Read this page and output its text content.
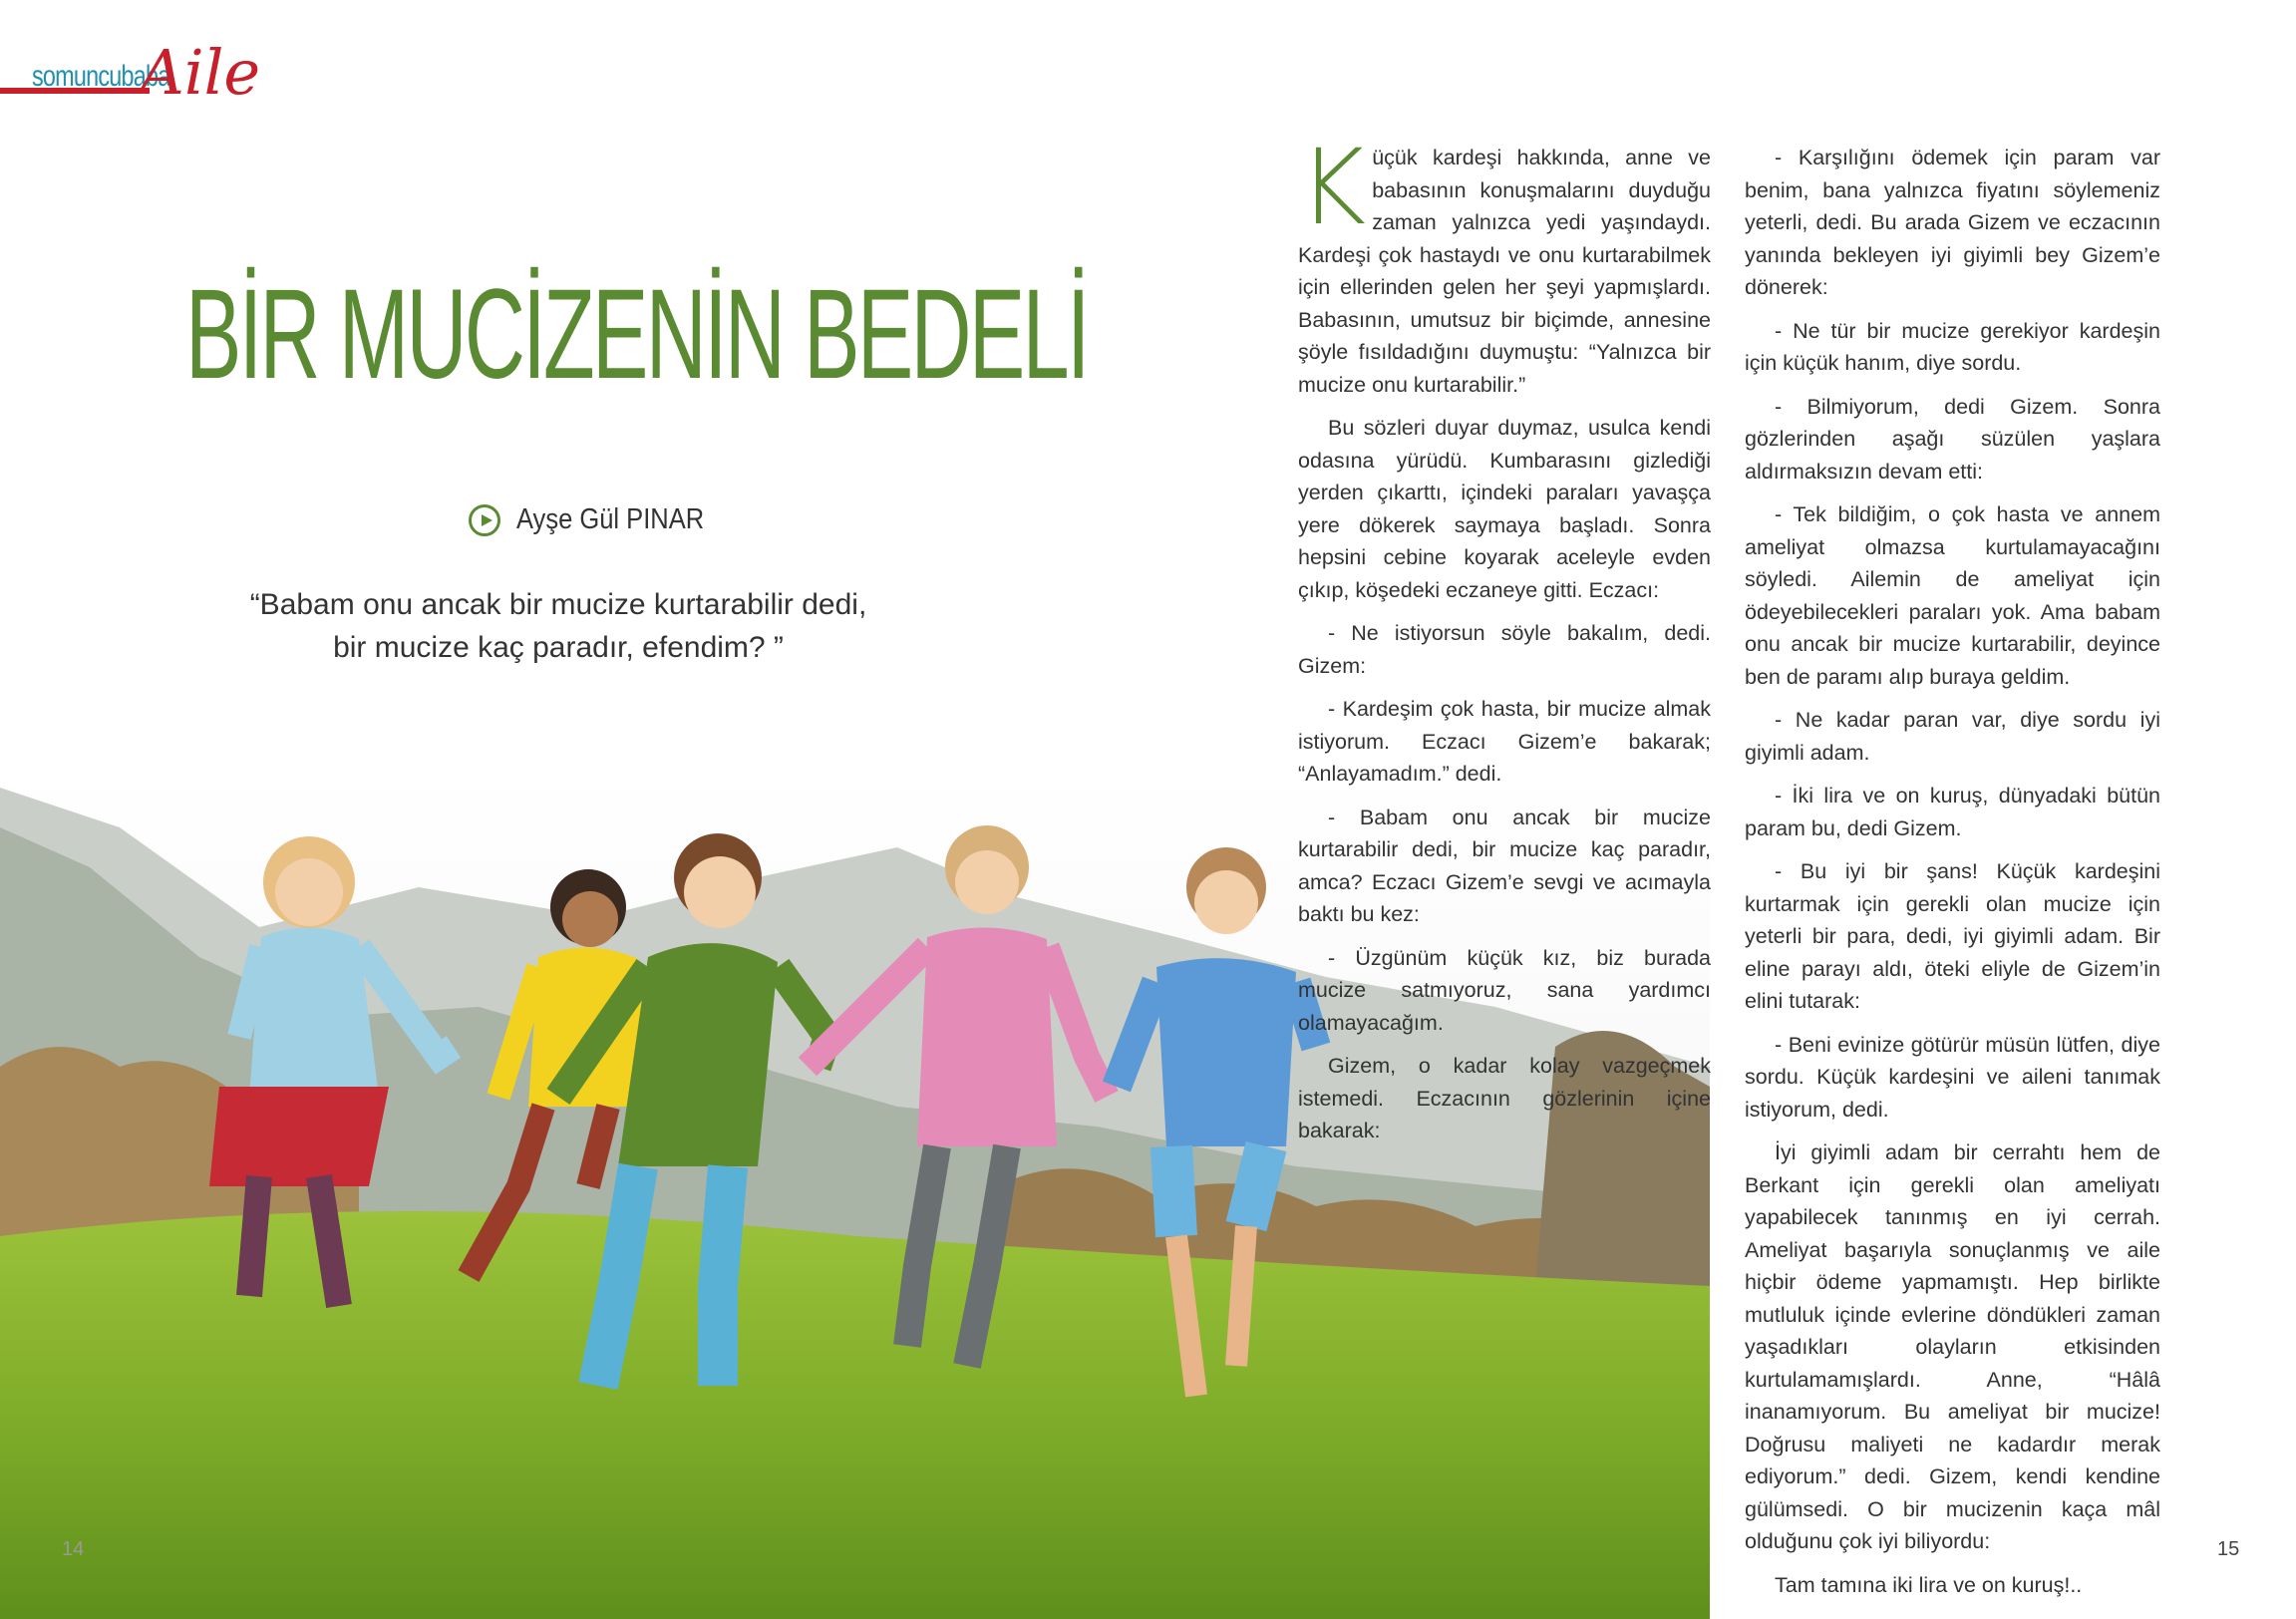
somuncubaba
Aile
BİR MUCİZENİN BEDELİ
Ayşe Gül PINAR

“Babam onu ancak bir mucize kurtarabilir dedi,
bir mucize kaç paradır, efendim? ”

Küçük kardeşi hakkında, anne ve babasının konuşmalarını duyduğu zaman yalnızca yedi yaşındaydı. Kardeşi çok hastaydı ve onu kurtarabilmek için ellerinden gelen her şeyi yapmışlardı. Babasının, umutsuz bir biçimde, annesine şöyle fısıldadığını duymuştu: “Yalnızca bir mucize onu kurtarabilir.”

Bu sözleri duyar duymaz, usulca kendi odasına yürüdü. Kumbarasını gizlediği yerden çıkarttı, içindeki paraları yavaşça yere dökerek saymaya başladı. Sonra hepsini cebine koyarak aceleyle evden çıkıp, köşedeki eczaneye gitti. Eczacı:

- Ne istiyorsun söyle bakalım, dedi. Gizem:

- Kardeşim çok hasta, bir mucize almak istiyorum. Eczacı Gizem’e bakarak; “Anlayamadım.” dedi.

- Babam onu ancak bir mucize kurtarabilir dedi, bir mucize kaç paradır, amca? Eczacı Gizem’e sevgi ve acımayla baktı bu kez:

- Üzgünüm küçük kız, biz burada mucize satmıyoruz, sana yardımcı olamayacağım.

Gizem, o kadar kolay vazgeçmek istemedi. Eczacının gözlerinin içine bakarak:

- Karşılığını ödemek için param var benim, bana yalnızca fiyatını söylemeniz yeterli, dedi. Bu arada Gizem ve eczacının yanında bekleyen iyi giyimli bey Gizem’e dönerek:

- Ne tür bir mucize gerekiyor kardeşin için küçük hanım, diye sordu.

- Bilmiyorum, dedi Gizem. Sonra gözlerinden aşağı süzülen yaşlara aldırmaksızın devam etti:

- Tek bildiğim, o çok hasta ve annem ameliyat olmazsa kurtulamayacağını söyledi. Ailemin de ameliyat için ödeyebilecekleri paraları yok. Ama babam onu ancak bir mucize kurtarabilir, deyince ben de paramı alıp buraya geldim.

- Ne kadar paran var, diye sordu iyi giyimli adam.

- İki lira ve on kuruş, dünyadaki bütün param bu, dedi Gizem.

- Bu iyi bir şans! Küçük kardeşini kurtarmak için gerekli olan mucize için yeterli bir para, dedi, iyi giyimli adam. Bir eline parayı aldı, öteki eliyle de Gizem’in elini tutarak:

- Beni evinize götürür müsün lütfen, diye sordu. Küçük kardeşini ve aileni tanımak istiyorum, dedi.

İyi giyimli adam bir cerrahtı hem de Berkant için gerekli olan ameliyatı yapabilecek tanınmış en iyi cerrah. Ameliyat başarıyla sonuçlanmış ve aile hiçbir ödeme yapmamıştı. Hep birlikte mutluluk içinde evlerine döndükleri zaman yaşadıkları olayların etkisinden kurtulamamışlardı. Anne, “Hâlâ inanamıyorum. Bu ameliyat bir mucize! Doğrusu maliyeti ne kadardır merak ediyorum.” dedi. Gizem, kendi kendine gülümsedi. O bir mucizenin kaça mâl olduğunu çok iyi biliyordu:

Tam tamına iki lira ve on kuruş!..

14	15
